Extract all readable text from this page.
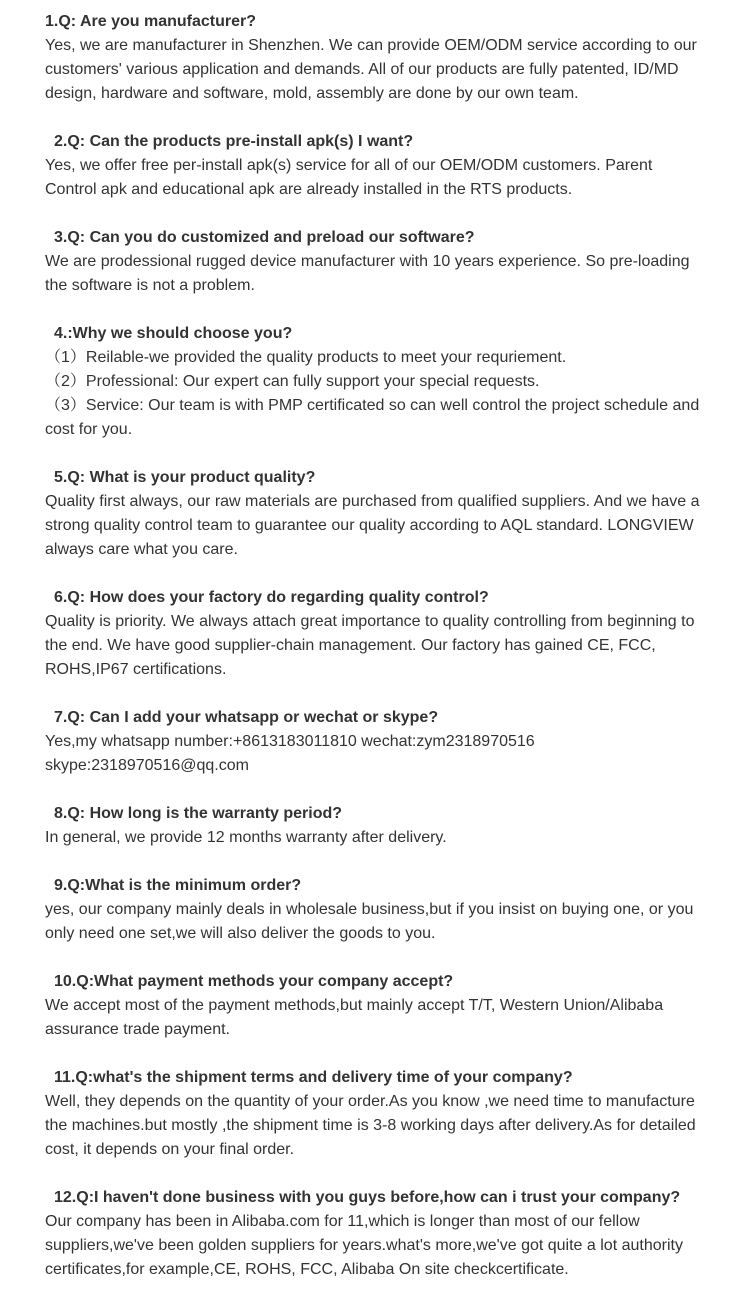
1.Q: Are you manufacturer?
Yes, we are manufacturer in Shenzhen. We can provide OEM/ODM service according to our
customers' various application and demands. All of our products are fully patented, ID/MD
design, hardware and software, mold, assembly are done by our own team.
2.Q: Can the products pre-install apk(s) I want?
Yes, we offer free per-install apk(s) service for all of our OEM/ODM customers. Parent
Control apk and educational apk are already installed in the RTS products.
3.Q: Can you do customized and preload our software?
We are prodessional rugged device manufacturer with 10 years experience. So pre-loading
the software is not a problem.
4.:Why we should choose you?
（1）Reilable-we provided the quality products to meet your requriement.
（2）Professional: Our expert can fully support your special requests.
（3）Service: Our team is with PMP certificated so can well control the project schedule and
cost for you.
5.Q: What is your product quality?
Quality first always, our raw materials are purchased from qualified suppliers. And we have a
strong quality control team to guarantee our quality according to AQL standard. LONGVIEW
always care what you care.
6.Q: How does your factory do regarding quality control?
Quality is priority. We always attach great importance to quality controlling from beginning to
the end. We have good supplier-chain management. Our factory has gained CE, FCC,
ROHS,IP67 certifications.
7.Q: Can I add your whatsapp or wechat or skype?
Yes,my whatsapp number:+8613183011810 wechat:zym2318970516
skype:2318970516@qq.com
8.Q: How long is the warranty period?
In general, we provide 12 months warranty after delivery.
9.Q:What is the minimum order?
yes, our company mainly deals in wholesale business,but if you insist on buying one, or you
only need one set,we will also deliver the goods to you.
10.Q:What payment methods your company accept?
We accept most of the payment methods,but mainly accept T/T, Western Union/Alibaba
assurance trade payment.
11.Q:what's the shipment terms and delivery time of your company?
Well, they depends on the quantity of your order.As you know ,we need time to manufacture
the machines.but mostly ,the shipment time is 3-8 working days after delivery.As for detailed
cost, it depends on your final order.
12.Q:I haven't done business with you guys before,how can i trust your company?
Our company has been in Alibaba.com for 11,which is longer than most of our fellow
suppliers,we've been golden suppliers for years.what's more,we've got quite a lot authority
certificates,for example,CE, ROHS, FCC, Alibaba On site checkcertificate.
